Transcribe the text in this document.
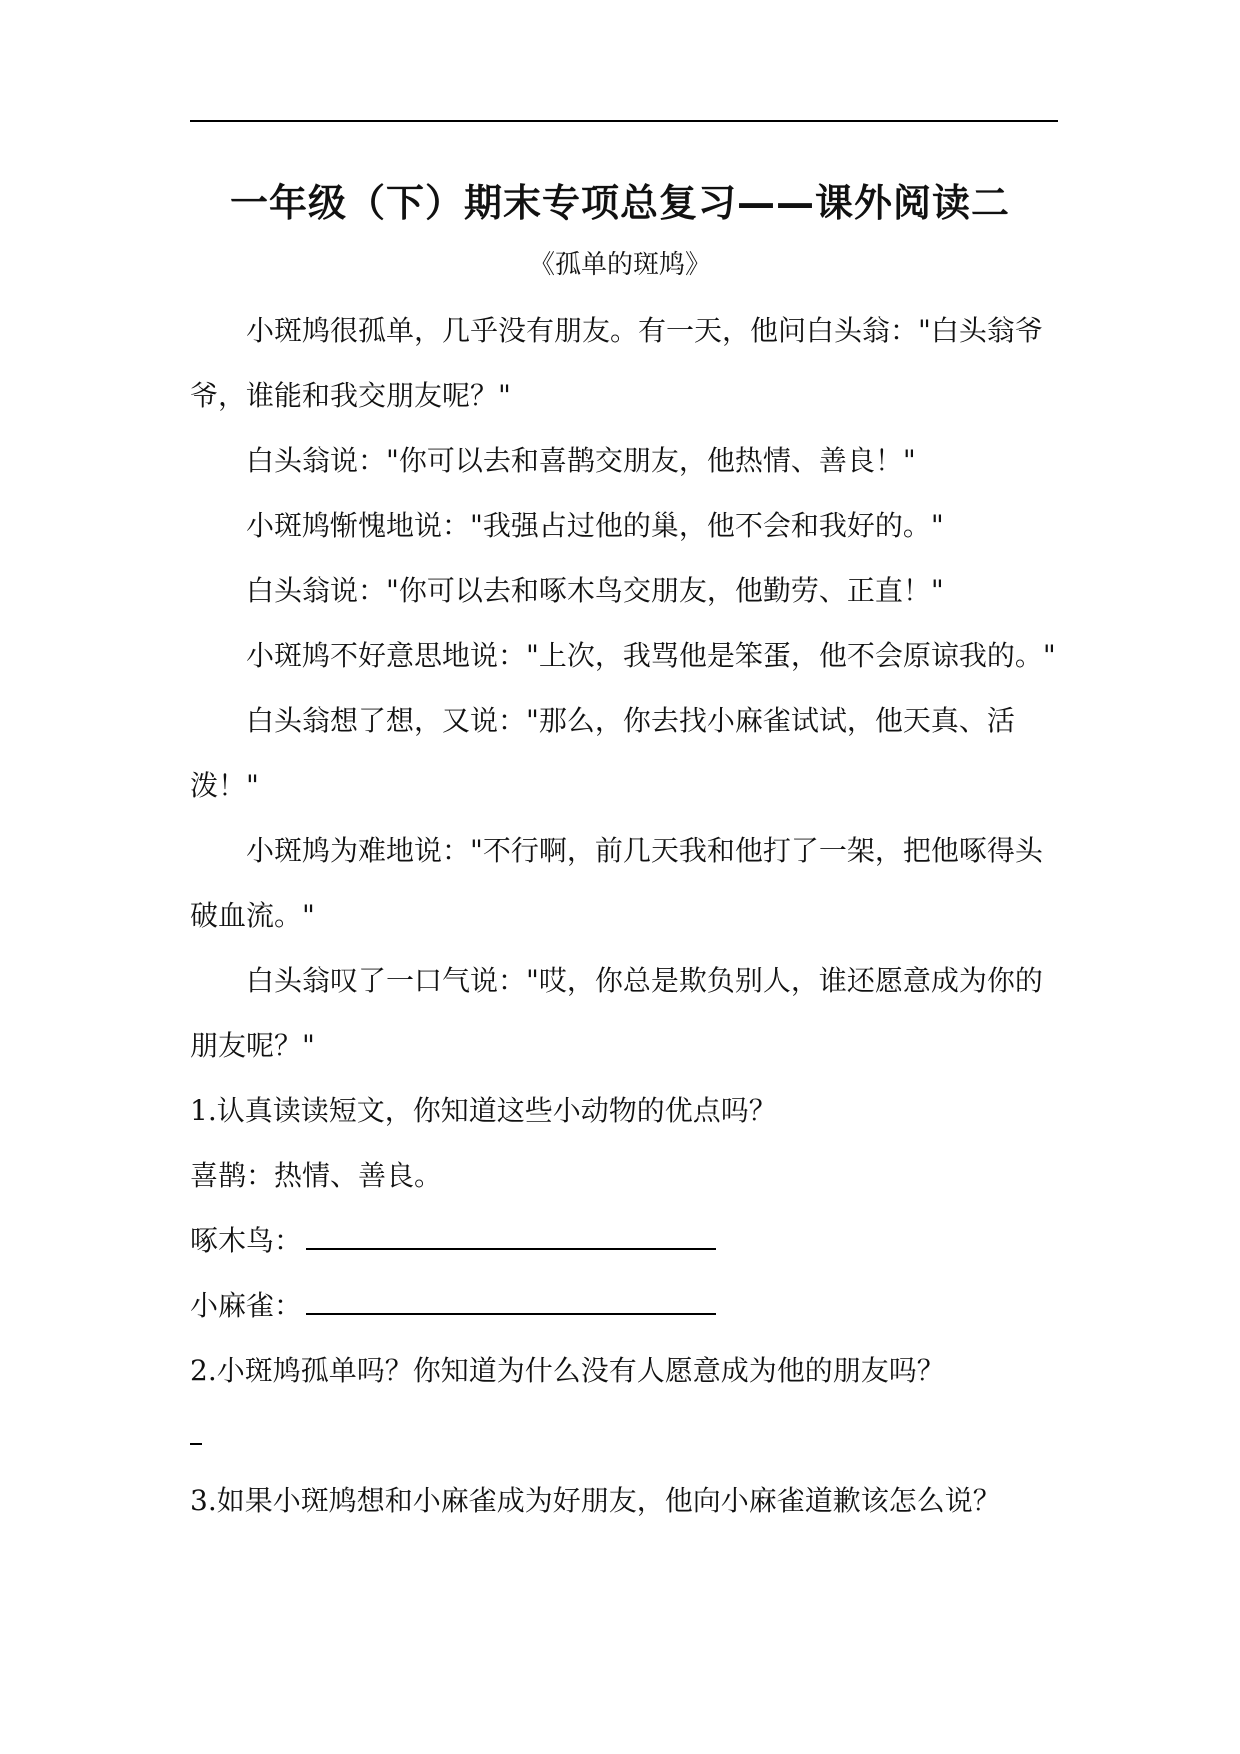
一年级（下）期末专项总复习——课外阅读二
《孤单的斑鸠》

小斑鸠很孤单，几乎没有朋友。有一天，他问白头翁："白头翁爷爷，谁能和我交朋友呢？"

白头翁说："你可以去和喜鹊交朋友，他热情、善良！"

小斑鸠惭愧地说："我强占过他的巢，他不会和我好的。"

白头翁说："你可以去和啄木鸟交朋友，他勤劳、正直！"

小斑鸠不好意思地说："上次，我骂他是笨蛋，他不会原谅我的。"

白头翁想了想，又说："那么，你去找小麻雀试试，他天真、活泼！"

小斑鸠为难地说："不行啊，前几天我和他打了一架，把他啄得头破血流。"

白头翁叹了一口气说："哎，你总是欺负别人，谁还愿意成为你的朋友呢？"

1.认真读读短文，你知道这些小动物的优点吗？

喜鹊：热情、善良。

啄木鸟：

小麻雀：

2.小斑鸠孤单吗？你知道为什么没有人愿意成为他的朋友吗？

3.如果小斑鸠想和小麻雀成为好朋友，他向小麻雀道歉该怎么说？
